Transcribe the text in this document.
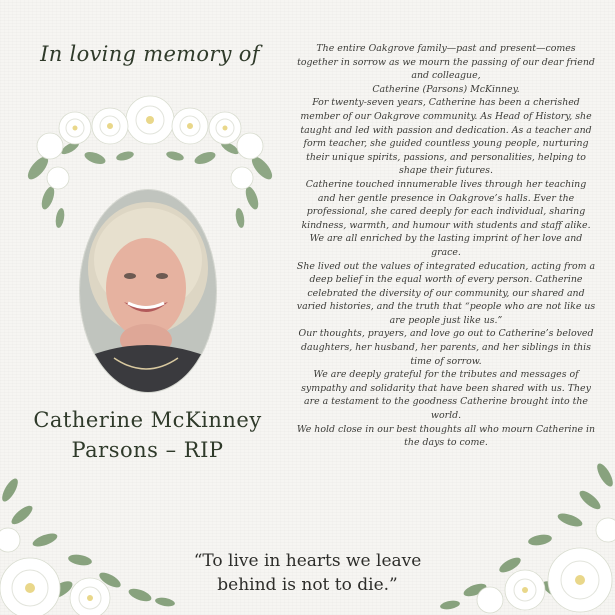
In loving memory of
Catherine McKinney
Parsons – RIP

The entire Oakgrove family—past and present—comes together in sorrow as we mourn the passing of our dear friend and colleague,

Catherine (Parsons) McKinney.

For twenty-seven years, Catherine has been a cherished member of our Oakgrove community. As Head of History, she taught and led with passion and dedication. As a teacher and form teacher, she guided countless young people, nurturing their unique spirits, passions, and personalities, helping to shape their futures.

Catherine touched innumerable lives through her teaching and her gentle presence in Oakgrove’s halls. Ever the professional, she cared deeply for each individual, sharing kindness, warmth, and humour with students and staff alike. We are all enriched by the lasting imprint of her love and grace.

She lived out the values of integrated education, acting from a deep belief in the equal worth of every person. Catherine celebrated the diversity of our community, our shared and varied histories, and the truth that “people who are not like us are people just like us.”

Our thoughts, prayers, and love go out to Catherine’s beloved daughters, her husband, her parents, and her siblings in this time of sorrow.

We are deeply grateful for the tributes and messages of sympathy and solidarity that have been shared with us. They are a testament to the goodness Catherine brought into the world.

We hold close in our best thoughts all who mourn Catherine in the days to come.

“To live in hearts we leave
behind is not to die.”
